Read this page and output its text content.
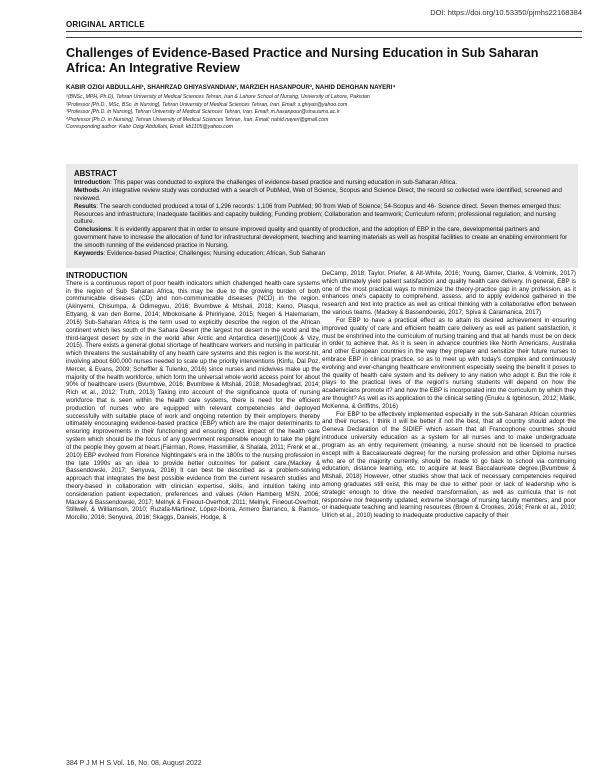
DOI: https://doi.org/10.53350/pjmhs22168384
ORIGINAL ARTICLE
Challenges of Evidence-Based Practice and Nursing Education in Sub Saharan Africa: An Integrative Review
KABIR OZIGI ABDULLAHI¹, SHAHRZAD GHIYASVANDIAN², MARZIEH HASANPOUR³, NAHID DEHGHAN NAYERI⁴
¹(BNSc, MPH, Ph.D), Tehran University of Medical Sciences Tehran, Iran & Lahore School of Nursing, University of Lahore, Pakistan
²Professor [Ph.D., MSc, BSc, in Nursing], Tehran University of Medical Sciences Tehran, Iran. Email: s.ghiyas@yahoo.com
³Professor [Ph.D. in Nursing], Tehran University of Medical Sciences Tehran, Iran. Email: m.hasanpour@sina.tums.ac.ir
⁴Professor [Ph.D. in Nursing], Tehran University of Medical Sciences Tehran, Iran. Email: nahid.nayeri@gmail.com
Corresponding author: Kabir Ozigi Abdullahi, Email: kb1105@yahoo.com
ABSTRACT

Introduction: This paper was conducted to explore the challenges of evidence-based practice and nursing education in sub-Saharan Africa.

Methods: An integrative review study was conducted with a search of PubMed, Web of Science, Scopus and Science Direct, the record so collected were identified, screened and reviewed.

Results: The search conducted produced a total of 1,296 records: 1,106 from PubMed; 90 from Web of Science; 54-Scopus and 46- Science direct. Seven themes emerged thus: Resources and infrastructure; Inadequate facilities and capacity building; Funding problem; Collaboration and teamwork; Curriculum reform; professional regulation; and nursing culture.

Conclusions: It is evidently apparent that in order to ensure improved quality and quantity of production, and the adoption of EBP in the care, developmental partners and government have to increase the allocation of fund for infrastructural development, teaching and learning materials as well as hospital facilities to create an enabling environment for the smooth running of the evidenced practice in Nursing.

Keywords: Evidence-based Practice; Challenges; Nursing education; African, Sub Saharan

INTRODUCTION

There is a continuous report of poor health indicators which challenged health care systems in the region of Sub Saharan Africa, this may be due to the growing burden of both communicable diseases (CD) and non-communicable diseases (NCD) in the region. (Akinyemi, Chisumpa, & Odimegwu, 2016; Bvumbwe & Mtshali, 2018; Keino, Plasqui, Ettyang, & van den Borne, 2014; Mbokoisane & Phiririyane, 2015; Negeri & Halemariam, 2016) Sub-Saharan Africa is the term used to explicitly describe the region of the African continent which lies south of the Sahara Desert (the largest hot desert in the world and the third-largest desert by size in the world after Arctic and Antarctica desert))(Cook & Vizy, 2015). There exists a general global shortage of healthcare workers and nursing in particular which threatens the sustainability of any health care systems and this region is the worst-hit, involving about 600,000 nurses needed to scale up the priority interventions (Kinfu, Dal Poz, Mercer, & Evans, 2009; Scheffler & Tulenko, 2016) since nurses and midwives make up the majority of the health workforce, which form the universal whole world access point for about 90% of healthcare users (Bvumbwe, 2016; Bvumbwe & Mtshali, 2018; Mosadeghrad, 2014; Rich et al., 2012; Truth, 2013) Taking into account of the significance quota of nursing workforce that is seen within the health care systems, there is need for the efficient production of nurses who are equipped with relevant competencies and deployed successfully with suitable place of work and ongoing retention by their employers thereby ultimately encouraging evidence-based practice (EBP) which are the major determinants to ensuring improvements in their functioning and ensuring direct impact of the health care system which should be the focus of any government responsible enough to take the plight of the people they govern at heart.(Fairman, Rowe, Hassmiller, & Shalala, 2011; Frenk et al., 2010) EBP evolved from Florence Nightingale's era in the 1800s to the nursing profession in the late 1990s as an idea to provide better outcomes for patient care.(Mackey & Bassendowski, 2017; Senyuva, 2016) It can best be described as a problem-solving approach that integrates the best possible evidence from the current research studies and theory-based in collaboration with clinician expertise, skills, and intuition taking into consideration patient expectation, preferences and values (Allen Hamberg MSN, 2006; Mackey & Bassendowski, 2017; Melnyk & Fineout-Overholt, 2011; Melnyk, Fineout-Overholt, Stillwell, & Williamson, 2010; Ruzafa-Martinez, López-Iborra, Armero Barranco, & Ramos-Morcillo, 2016; Senyuva, 2016; Skaggs, Daniels, Hodge, &

DeCamp, 2018; Taylor, Priefer, & Alt-White, 2016; Young, Garner, Clarke, & Volmink, 2017) which ultimately yield patient satisfaction and quality health care delivery. In general, EBP is one of the most practical ways to minimize the theory-practice gap in any profession, as it enhances one's capacity to comprehend, assess, and to apply evidence gathered in the research and text into practice as well as critical thinking with a collaborative effort between the various teams. (Mackey & Bassendowski, 2017; Spiva & Caramanica, 2017)

For EBP to have a practical effect as to attain its desired achievement in ensuring improved quality of care and efficient health care delivery as well as patient satisfaction, it must be enshrined into the curriculum of nursing training and that all hands must be on deck in order to achieve that. As it is seen in advance countries like North Americans, Australia and other European countries in the way they prepare and sensitize their future nurses to embrace EBP in clinical practice, so as to meet up with today's complex and continuously evolving and ever-changing healthcare environment especially seeing the benefit it poses to the quality of health care system and its delivery to any nation who adopt it. But the role it plays to the practical lives of the region's nursing students will depend on how the academicians promote it? and how the EBP is incorporated into the curriculum by which they are thought? As well as its application to the clinical setting (Enuku & Igbinosun, 2012; Malik, McKenna, & Griffiths, 2016)

For EBP to be effectively implemented especially in the sub-Saharan African countries and their nurses, I think it will be better if not the best, that all country should adopt the Geneva Declaration of the SIDIEF which assert that all Francophone countries should introduce university education as a system for all nurses and to make undergraduate program as an entry requirement (meaning, a nurse should not be licensed to practice except with a Baccalaureate degree) for the nursing profession and other Diploma nurses who are of the majority currently, should be made to go back to school via continuing education, distance learning, etc. to acquire at least Baccalaureate degree.(Bvumbwe & Mtshali, 2018) However, other studies show that lack of necessary competencies required among graduates still exist, this may be due to either poor or lack of leadership who is strategic enough to drive the needed transformation, as well as curricula that is not responsive nor frequently updated, extreme shortage of nursing faculty members, and poor or inadequate teaching and learning resources (Brown & Crookes, 2016; Frenk et al., 2010; Ulrich et al., 2010) leading to inadequate productive capacity of their

384 P J M H S Vol. 16, No. 08, August 2022
